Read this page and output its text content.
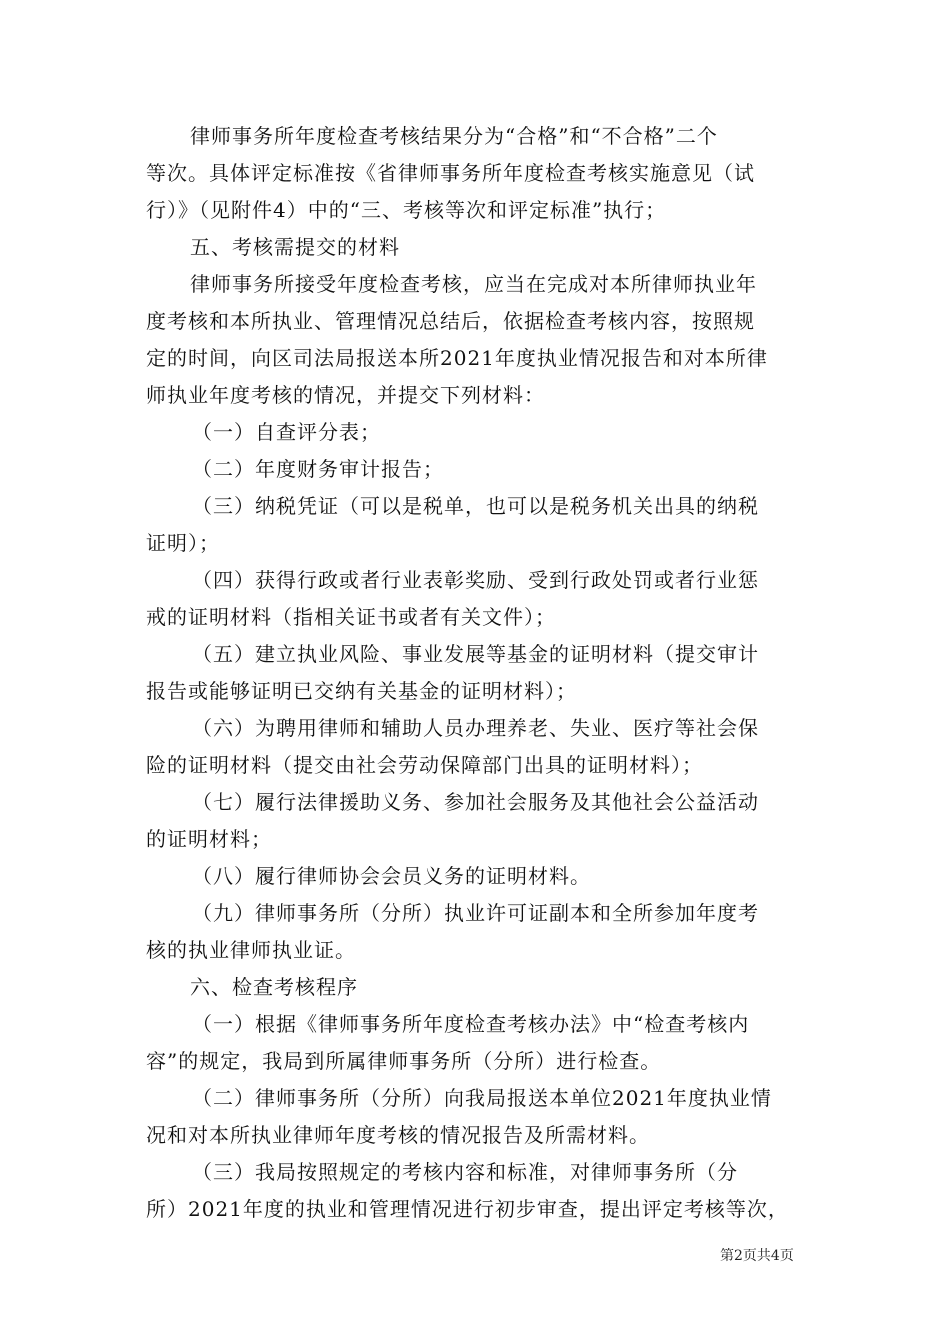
律师事务所年度检查考核结果分为“合格”和“不合格”二个
等次。具体评定标准按《省律师事务所年度检查考核实施意见（试
行）》（见附件4）中的“三、考核等次和评定标准”执行；
五、考核需提交的材料
律师事务所接受年度检查考核，应当在完成对本所律师执业年
度考核和本所执业、管理情况总结后，依据检查考核内容，按照规
定的时间，向区司法局报送本所2021年度执业情况报告和对本所律
师执业年度考核的情况，并提交下列材料：
（一）自查评分表；
（二）年度财务审计报告；
（三）纳税凭证（可以是税单，也可以是税务机关出具的纳税
证明）；
（四）获得行政或者行业表彰奖励、受到行政处罚或者行业惩
戒的证明材料（指相关证书或者有关文件）；
（五）建立执业风险、事业发展等基金的证明材料（提交审计
报告或能够证明已交纳有关基金的证明材料）；
（六）为聘用律师和辅助人员办理养老、失业、医疗等社会保
险的证明材料（提交由社会劳动保障部门出具的证明材料）；
（七）履行法律援助义务、参加社会服务及其他社会公益活动
的证明材料；
（八）履行律师协会会员义务的证明材料。
（九）律师事务所（分所）执业许可证副本和全所参加年度考
核的执业律师执业证。
六、检查考核程序
（一）根据《律师事务所年度检查考核办法》中“检查考核内
容”的规定，我局到所属律师事务所（分所）进行检查。
（二）律师事务所（分所）向我局报送本单位2021年度执业情
况和对本所执业律师年度考核的情况报告及所需材料。
（三）我局按照规定的考核内容和标准，对律师事务所（分
所）2021年度的执业和管理情况进行初步审查，提出评定考核等次，
第2页共4页
